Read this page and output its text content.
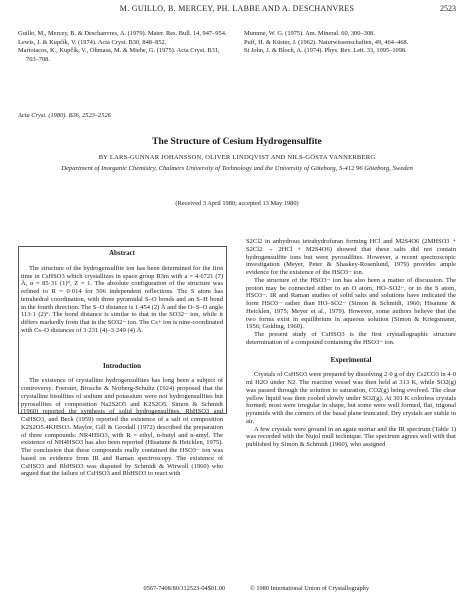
M. GUILLO, B. MERCEY, PH. LABBE AND A. DESCHANVRES	2523
Guillo, M., Mercey, B. & Deschanvres, A. (1979). Mater. Res. Bull. 14, 947–954.
Lewis, J. & Kupčík, V. (1974). Acta Cryst. B30, 848–852.
Marioiacos, K., Kupčík, V., Ohmasa, M. & Miehe, G. (1975). Acta Cryst. B31, 703–708.
Mumme, W. G. (1975). Am. Mineral. 60, 300–308.
Puff, H. & Küster, J. (1962). Naturwissenschaften, 49, 464–468.
St John, J. & Bloch, A. (1974). Phys. Rev. Lett. 33, 1095–1098.
Acta Cryst. (1980). B36, 2523–2526
The Structure of Cesium Hydrogensulfite
BY LARS-GUNNAR JOHANSSON, OLIVER LINDQVIST AND NILS-GÖSTA VANNERBERG
Department of Inorganic Chemistry, Chalmers University of Technology and the University of Göteborg, S-412 96 Göteborg, Sweden
(Received 3 April 1980; accepted 13 May 1980)
Abstract

The structure of the hydrogensulfite ion has been determined for the first time in CsHSO3 which crystallizes in space group R3m with a = 4·6721 (7) Å, α = 85·31 (1)°, Z = 1. The absolute configuration of the structure was refined to R = 0·014 for 506 independent reflections. The S atom has tetrahedral coordination, with three pyramidal S–O bonds and an S–H bond in the fourth direction. The S–O distance is 1·454 (2) Å and the O–S–O angle 113·1 (2)°. The bond distance is similar to that in the SO32− ion, while it differs markedly from that in the SO32− ion. The Cs+ ion is nine-coordinated with Cs–O distances of 3·231 (4)–3·249 (4) Å.

Introduction

The existence of crystalline hydrogensulfites has long been a subject of controversy. Foerster, Brosche & Norberg-Schultz (1924) proposed that the crystalline bisulfites of sodium and potassium were not hydrogensulfites but pyrosulfites of composition Na2S2O5 and K2S2O5. Simon & Schmidt (1960) reported the synthesis of solid hydrogensulfites, RbHSO3 and CsHSO3, and Beck (1959) reported the existence of a salt of composition K2S2O5.4KHSO3. Maylor, Gill & Goodall (1972) described the preparation of three compounds: NR4HSO3, with R = ethyl, n-butyl and n-amyl. The existence of NH4HSO3 has also been reported (Hisatune & Heicklen, 1975). The conclusion that these compounds really contained the HSO3− ion was based on evidence from IR and Raman spectroscopy. The existence of CsHSO3 and RbHSO3 was disputed by Schmidt & Wirwoll (1960) who argued that the failure of CsHSO3 and RbHSO3 to react with

S2Cl2 in anhydrous tetrahydrofuran forming HCl and M2S4O6 (2MHSO3 + S2Cl2 → 2HCl + M2S4O6) showed that these salts did not contain hydrogensulfite ions but were pyrosulfites. However, a recent spectroscopic investigation (Meyer, Peter & Shaskey-Rosenlund, 1979) provides ample evidence for the existence of the HSO3− ion.

The structure of the HSO3− ion has also been a matter of discussion. The proton may be connected either to an O atom, HO–SO2−, or to the S atom, HSO3−. IR and Raman studies of solid salts and solutions have indicated the form HSO3− rather than HO–SO2− (Simon & Schmidt, 1960; Hisatune & Heicklen, 1975; Meyer et al., 1979). However, some authors believe that the two forms exist in equilibrium in aqueous solution (Simon & Kriegsmann, 1956; Golding, 1960).

The present study of CsHSO3 is the first crystallographic structure determination of a compound containing the HSO3− ion.

Experimental

Crystals of CsHSO3 were prepared by dissolving 2·0 g of dry Cs2CO3 in 4·0 ml H2O under N2. The reaction vessel was then held at 313 K, while SO2(g) was passed through the solution to saturation, CO2(g) being evolved. The clear yellow liquid was then cooled slowly under SO2(g). At 301 K colorless crystals formed; most were irregular in shape, but some were well formed, flat, trigonal pyramids with the corners of the basal plane truncated. Dry crystals are stable in air.

A few crystals were ground in an agate mortar and the IR spectrum (Table 1) was recorded with the Nujol mull technique. The spectrum agrees well with that published by Simon & Schmidt (1960), who assigned

0567-7408/80/112523-04$01.00	© 1980 International Union of Crystallography
